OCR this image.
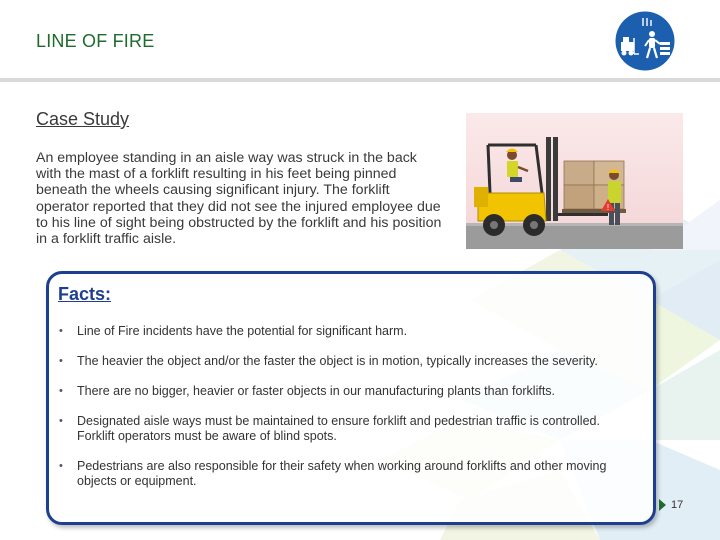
LINE OF FIRE
Case Study
An employee standing in an aisle way was struck in the back with the mast of a forklift resulting in his feet being pinned beneath the wheels causing significant injury. The forklift operator reported that they did not see the injured employee due to his line of sight being obstructed by the forklift and his position in a forklift traffic aisle.
!
Facts:
• Line of Fire incidents have the potential for significant harm.
• The heavier the object and/or the faster the object is in motion, typically increases the severity.
• There are no bigger, heavier or faster objects in our manufacturing plants than forklifts.
• Designated aisle ways must be maintained to ensure forklift and pedestrian traffic is controlled. Forklift operators must be aware of blind spots.
• Pedestrians are also responsible for their safety when working around forklifts and other moving objects or equipment.
17
